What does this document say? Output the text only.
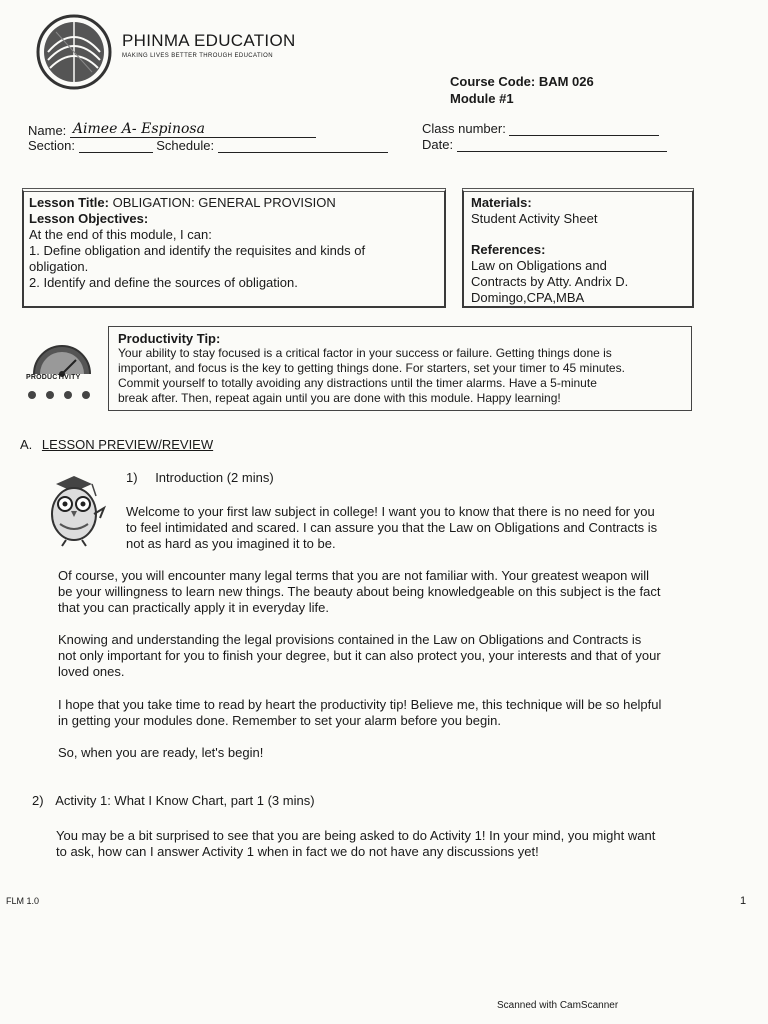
PHINMA EDUCATION
MAKING LIVES BETTER THROUGH EDUCATION
Course Code: BAM 026
Module #1
Name: Aimee A- Espinosa
Section:	Schedule:
Class number:
Date:
Lesson Title: OBLIGATION: GENERAL PROVISION
Lesson Objectives:
At the end of this module, I can:
1. Define obligation and identify the requisites and kinds of
obligation.
2. Identify and define the sources of obligation.
Materials:
Student Activity Sheet
References:
Law on Obligations and
Contracts by Atty. Andrix D.
Domingo,CPA,MBA
PRODUCTIVITY
Productivity Tip:
Your ability to stay focused is a critical factor in your success or failure. Getting things done is
important, and focus is the key to getting things done. For starters, set your timer to 45 minutes.
Commit yourself to totally avoiding any distractions until the timer alarms. Have a 5-minute
break after. Then, repeat again until you are done with this module. Happy learning!
A. LESSON PREVIEW/REVIEW
1) Introduction (2 mins)
Welcome to your first law subject in college! I want you to know that there is no need for you
to feel intimidated and scared. I can assure you that the Law on Obligations and Contracts is
not as hard as you imagined it to be.
Of course, you will encounter many legal terms that you are not familiar with. Your greatest weapon will
be your willingness to learn new things. The beauty about being knowledgeable on this subject is the fact
that you can practically apply it in everyday life.
Knowing and understanding the legal provisions contained in the Law on Obligations and Contracts is
not only important for you to finish your degree, but it can also protect you, your interests and that of your
loved ones.
I hope that you take time to read by heart the productivity tip! Believe me, this technique will be so helpful
in getting your modules done. Remember to set your alarm before you begin.
So, when you are ready, let's begin!
2) Activity 1: What I Know Chart, part 1 (3 mins)
You may be a bit surprised to see that you are being asked to do Activity 1! In your mind, you might want
to ask, how can I answer Activity 1 when in fact we do not have any discussions yet!
FLM 1.0	1
Scanned with CamScanner
